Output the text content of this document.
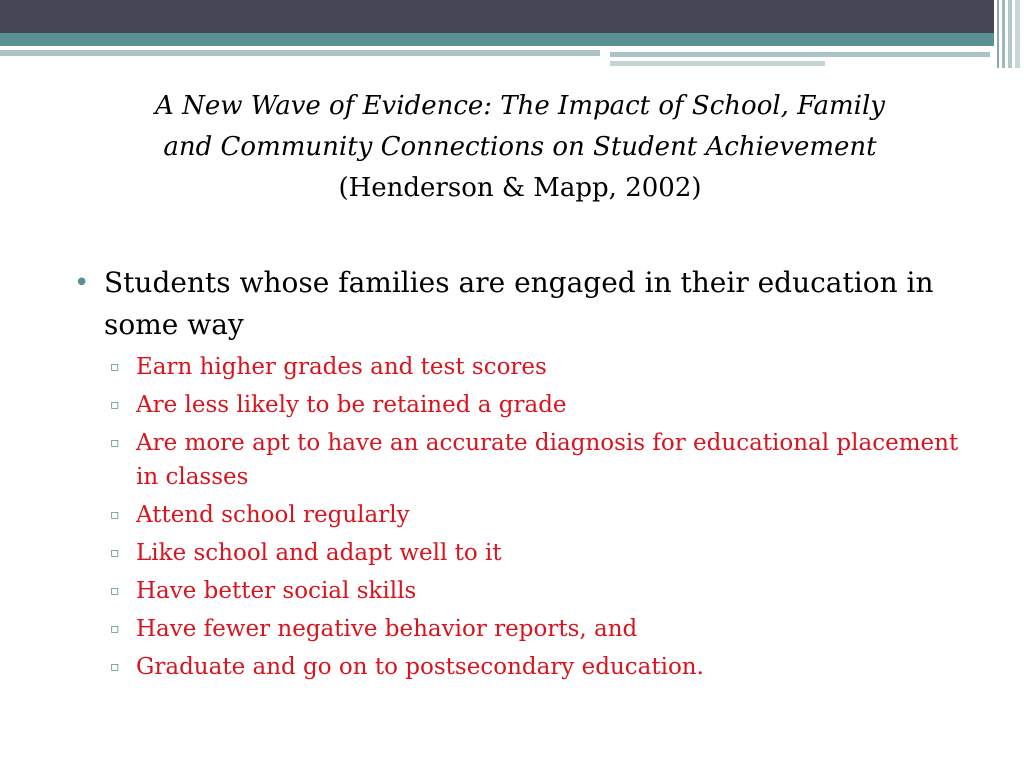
A New Wave of Evidence: The Impact of School, Family
and Community Connections on Student Achievement
(Henderson & Mapp, 2002)
• Students whose families are engaged in their education in some way
▫ Earn higher grades and test scores
▫ Are less likely to be retained a grade
▫ Are more apt to have an accurate diagnosis for educational placement in classes
▫ Attend school regularly
▫ Like school and adapt well to it
▫ Have better social skills
▫ Have fewer negative behavior reports, and
▫ Graduate and go on to postsecondary education.
